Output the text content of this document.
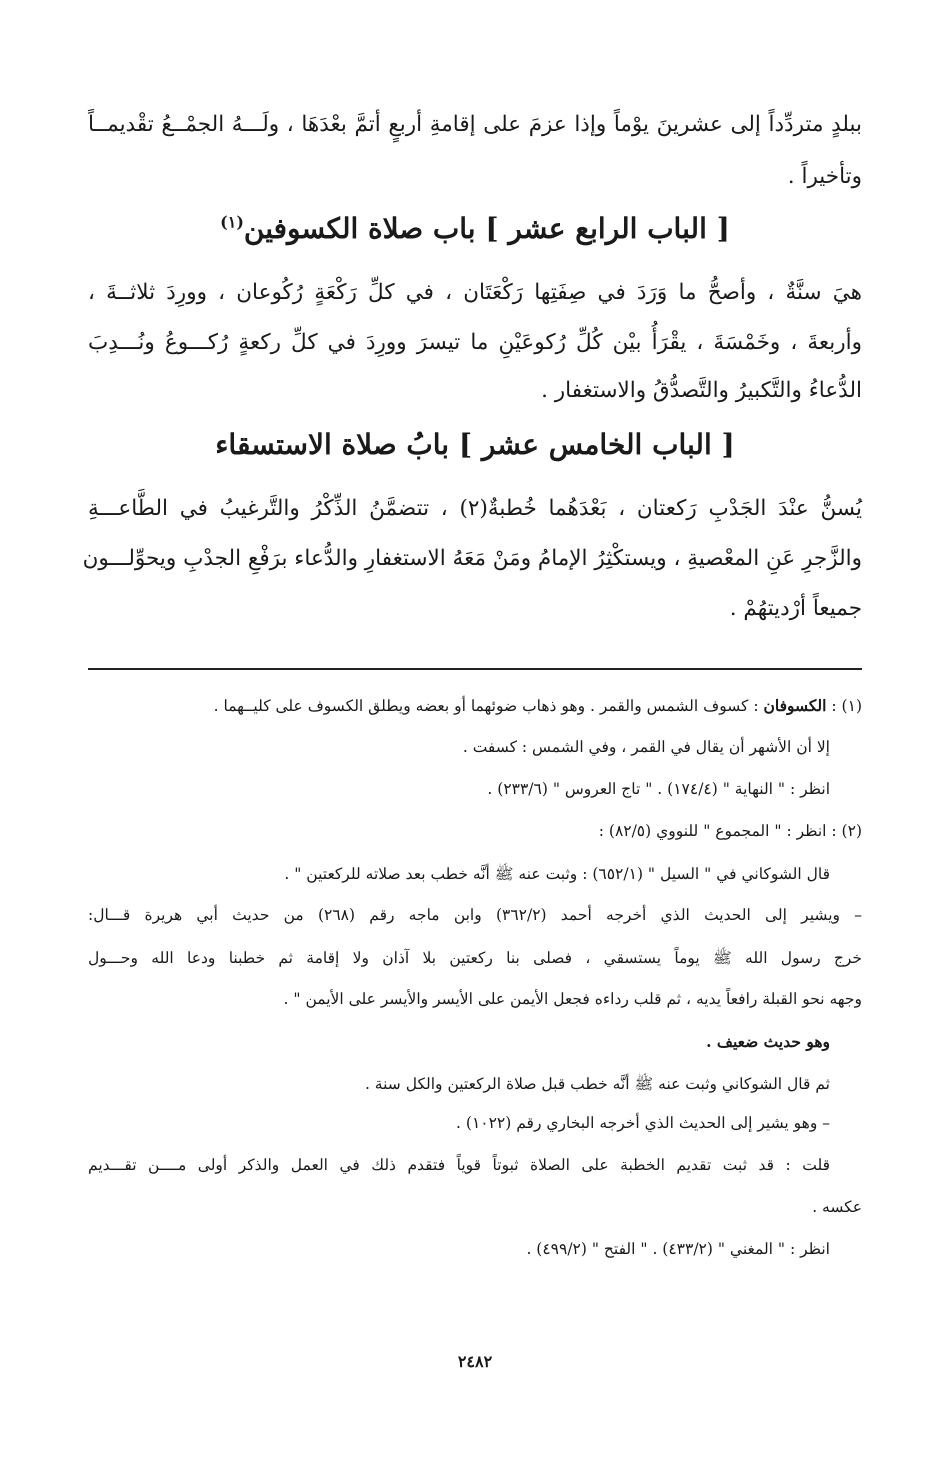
ببلدٍ متردِّداً إلى عشرينَ يوْماً وإذا عزمَ على إقامةِ أربعٍ أتمَّ بعْدَهَا ، ولَـــهُ الجمْــعُ تقْديمــاً
وتأخيراً .
[ الباب الرابع عشر ] باب صلاة الكسوفين$^{(١)}$
هيَ سنَّةٌ ، وأصحُّ ما وَرَدَ في صِفَتِها رَكْعَتَان ، في كلِّ رَكْعَةٍ رُكُوعان ، وورِدَ ثلاثــةَ ،
وأربعةَ ، وخَمْسَةَ ، يقْرَأُ بيْن كُلِّ رُكوعَيْنِ ما تيسرَ وورِدَ في كلِّ ركعةٍ رُكـــوعُ ونُـــدِبَ
الدُّعاءُ والتَّكبيرُ والتَّصدُّقُ والاستغفار .
[ الباب الخامس عشر ] بابُ صلاة الاستسقاء
يُسنُّ عنْدَ الجَدْبِ رَكعتان ، بَعْدَهُما خُطبةٌ(٢) ، تتضمَّنُ الذِّكْرُ والتَّرغيبُ في الطَّاعـــةِ
والزَّجرِ عَنِ المعْصيةِ ، ويستكْثِرُ الإمامُ ومَنْ مَعَهُ الاستغفارِ والدُّعاء برَفْعِ الجدْبِ ويحوِّلـــون
جميعاً أرْديتهُمْ .
(١) : الكسوفان : كسوف الشمس والقمر . وهو ذهاب ضوئهما أو بعضه ويطلق الكسوف على كليــهما .
إلا أن الأشهر أن يقال في القمر ، وفي الشمس : كسفت .
انظر : " النهاية " (١٧٤/٤) . " تاج العروس " (٢٣٣/٦) .
(٢) : انظر : " المجموع " للنووي (٨٢/٥) :
قال الشوكاني في " السيل " (٦٥٢/١) : وثبت عنه ﷺ أنَّه خطب بعد صلاته للركعتين " .
– ويشير إلى الحديث الذي أخرجه أحمد (٣٦٢/٢) وابن ماجه رقم (٢٦٨) من حديث أبي هريرة قـــال:
خرج رسول الله ﷺ يوماً يستسقي ، فصلى بنا ركعتين بلا آذان ولا إقامة ثم خطبنا ودعا الله وحـــول
وجهه نحو القبلة رافعاً يديه ، ثم قلب رداءه فجعل الأيمن على الأيسر والأيسر على الأيمن " .
وهو حديث ضعيف .
ثم قال الشوكاني وثبت عنه ﷺ أنَّه خطب قبل صلاة الركعتين والكل سنة .
– وهو يشير إلى الحديث الذي أخرجه البخاري رقم (١٠٢٢) .
قلت : قد ثبت تقديم الخطبة على الصلاة ثبوتاً قوياً فتقدم ذلك في العمل والذكر أولى مــــن تقـــديم
عكسه .
انظر : " المغني " (٤٣٣/٢) . " الفتح " (٤٩٩/٢) .
٢٤٨٢
